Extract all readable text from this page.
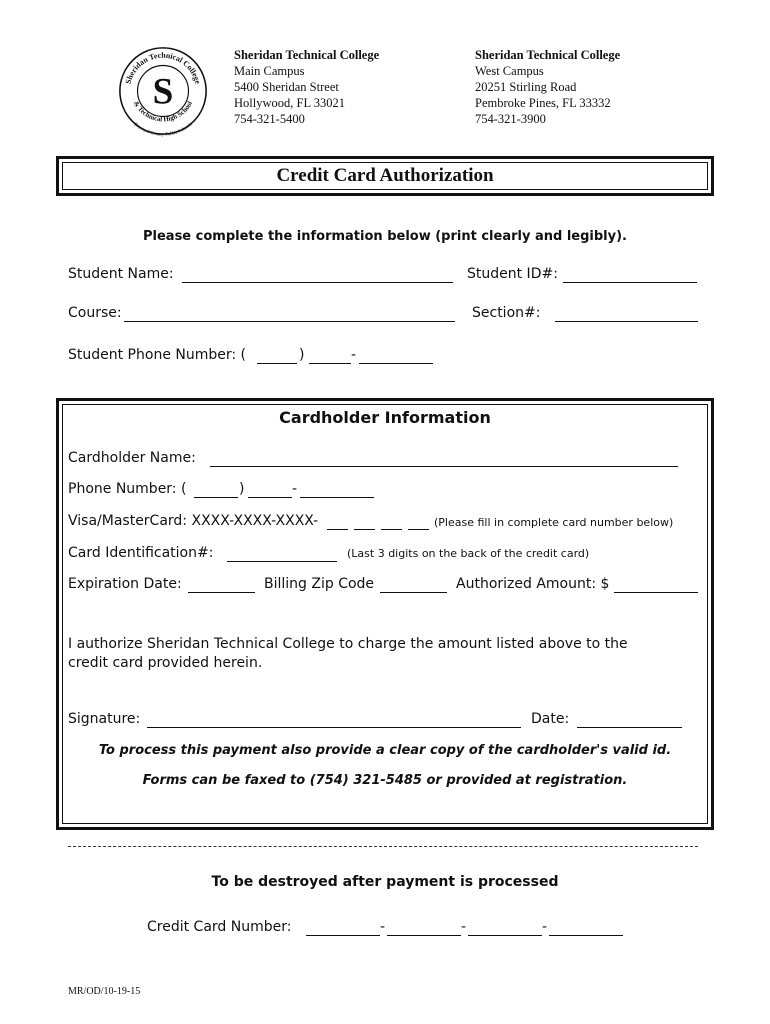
Sheridan Technical College
& Technical High School
Broward County Public Schools
S
Sheridan Technical College
Main Campus
5400 Sheridan Street
Hollywood, FL 33021
754-321-5400
Sheridan Technical College
West Campus
20251 Stirling Road
Pembroke Pines, FL 33332
754-321-3900
Credit Card Authorization
Please complete the information below (print clearly and legibly).
Student Name:	Student ID#:
Course:	Section#:
Student Phone Number: (	)	-
Cardholder Information
Cardholder Name:
Phone Number: (	)	-
Visa/MasterCard: XXXX-XXXX-XXXX-	(Please fill in complete card number below)
Card Identification#:	(Last 3 digits on the back of the credit card)
Expiration Date:	Billing Zip Code	Authorized Amount: $
I authorize Sheridan Technical College to charge the amount listed above to the credit card provided herein.
Signature:	Date:
To process this payment also provide a clear copy of the cardholder's valid id.
Forms can be faxed to (754) 321-5485 or provided at registration.
To be destroyed after payment is processed
Credit Card Number:	-	-	-
MR/OD/10-19-15
